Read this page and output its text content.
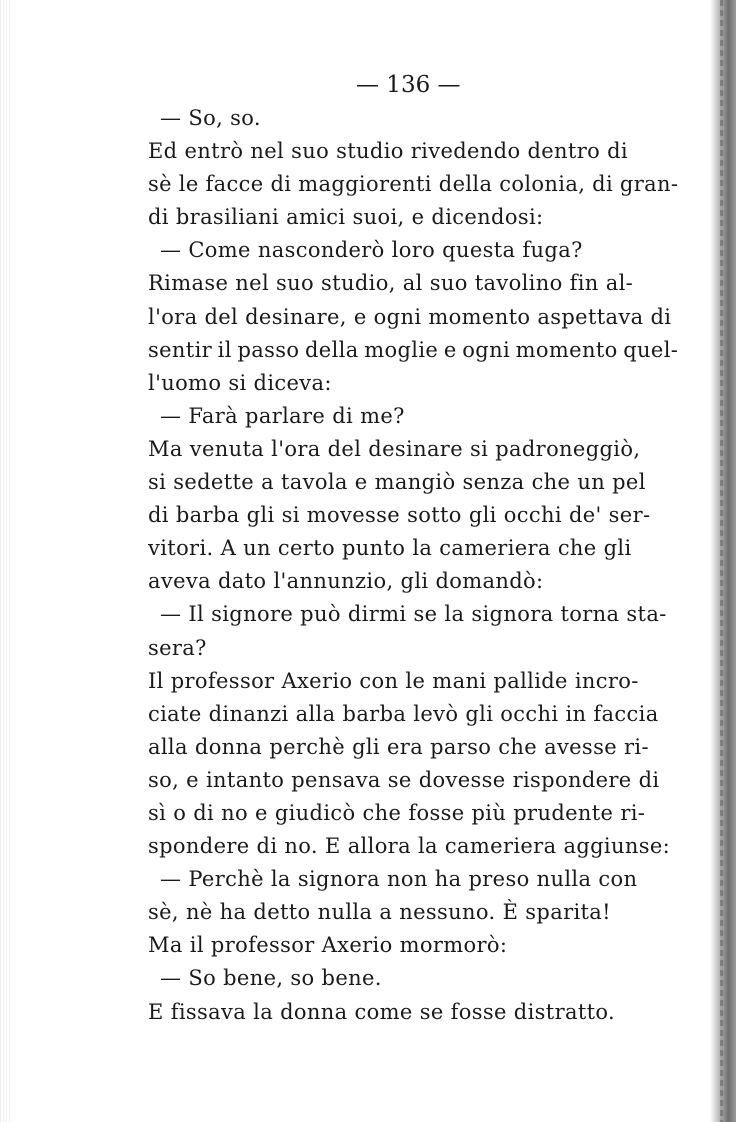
— 136 —
— So, so.
Ed entrò nel suo studio rivedendo dentro di
sè le facce di maggiorenti della colonia, di gran-
di brasiliani amici suoi, e dicendosi:
— Come nasconderò loro questa fuga?
Rimase nel suo studio, al suo tavolino fin al-
l'ora del desinare, e ogni momento aspettava di
sentir il passo della moglie e ogni momento quel-
l'uomo si diceva:
— Farà parlare di me?
Ma venuta l'ora del desinare si padroneggiò,
si sedette a tavola e mangiò senza che un pel
di barba gli si movesse sotto gli occhi de' ser-
vitori. A un certo punto la cameriera che gli
aveva dato l'annunzio, gli domandò:
— Il signore può dirmi se la signora torna sta-
sera?
Il professor Axerio con le mani pallide incro-
ciate dinanzi alla barba levò gli occhi in faccia
alla donna perchè gli era parso che avesse ri-
so, e intanto pensava se dovesse rispondere di
sì o di no e giudicò che fosse più prudente ri-
spondere di no. E allora la cameriera aggiunse:
— Perchè la signora non ha preso nulla con
sè, nè ha detto nulla a nessuno. È sparita!
Ma il professor Axerio mormorò:
— So bene, so bene.
E fissava la donna come se fosse distratto.
